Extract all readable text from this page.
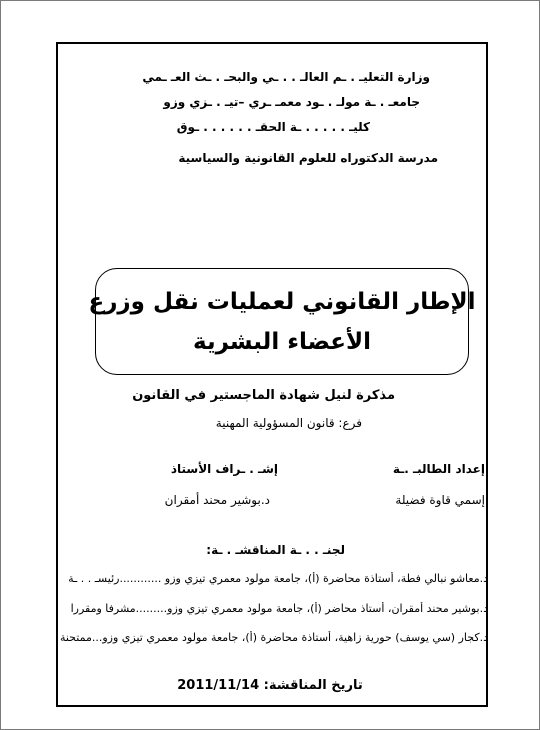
وزارة التعليـ . ـم العالـ . . ـي والبحـ . ـث العـ ـمي
جامعـ . ـة مولـ . ـود معمـ ـري –تيـ . ـزي وزو
كليـ . . . . . ـة الحقـ . . . . . . ـوق
مدرسة الدكتوراه للعلوم القانونية والسياسية
الإطار القانوني لعمليات نقل وزرع
الأعضاء البشرية
مذكرة لنيل شهادة الماجستير في القانون
فرع: قانون المسؤولية المهنية
إعداد الطالبـ .ـة
إشـ . ـراف الأستاذ
إسمي قاوة فضيلة
د.بوشير محند أمقران
لجنـ . . ـة المناقشـ . ـة:
د.معاشو نبالي فطة، أستاذة محاضرة (أ)، جامعة مولود معمري تيزي وزو ............رئيسـ . . ـة
د.بوشير محند أمقران، أستاذ محاضر (أ)، جامعة مولود معمري تيزي وزو.........مشرفا ومقررا
د.كجار (سي يوسف) حورية زاهية، أستاذة محاضرة (أ)، جامعة مولود معمري تيزي وزو...ممتحنة
تاريخ المناقشة: 2011/11/14
